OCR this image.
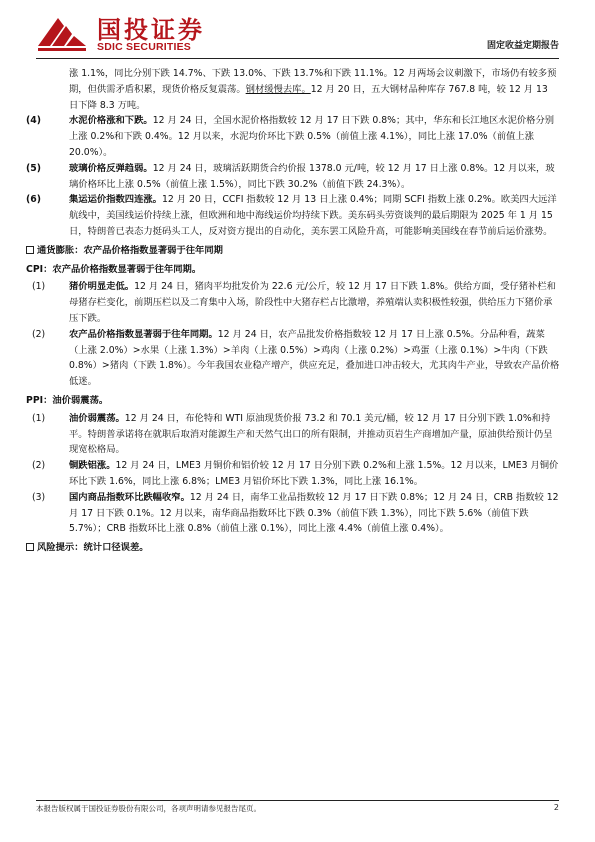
国投证券
SDIC SECURITIES	固定收益定期报告

涨 1.1%，同比分别下跌 14.7%、下跌 13.0%、下跌 13.7%和下跌 11.1%。12 月两场会议刺激下，市场仍有较多预期，但供需矛盾积累，现货价格反复震荡。钢材缓慢去库。12 月 20 日，五大钢材品种库存 767.8 吨，较 12 月 13 日下降 8.3 万吨。

(4)	水泥价格涨和下跌。12 月 24 日，全国水泥价格指数较 12 月 17 日下跌 0.8%；其中，华东和长江地区水泥价格分别上涨 0.2%和下跌 0.4%。12 月以来，水泥均价环比下跌 0.5%（前值上涨 4.1%），同比上涨 17.0%（前值上涨 20.0%）。

(5)	玻璃价格反弹趋弱。12 月 24 日，玻璃活跃期货合约价报 1378.0 元/吨，较 12 月 17 日上涨 0.8%。12 月以来，玻璃价格环比上涨 0.5%（前值上涨 1.5%），同比下跌 30.2%（前值下跌 24.3%）。

(6)	集运运价指数四连涨。12 月 20 日，CCFI 指数较 12 月 13 日上涨 0.4%；同期 SCFI 指数上涨 0.2%。欧美四大远洋航线中，美国线运价持续上涨，但欧洲和地中海线运价均持续下跌。美东码头劳资谈判的最后期限为 2025 年 1 月 15 日，特朗普已表态力挺码头工人，反对资方提出的自动化，美东罢工风险升高，可能影响美国线在春节前后运价涨势。

通货膨胀：农产品价格指数显著弱于往年同期
CPI：农产品价格指数显著弱于往年同期。

(1)	猪价明显走低。12 月 24 日，猪肉平均批发价为 22.6 元/公斤，较 12 月 17 日下跌 1.8%。供给方面，受仔猪补栏和母猪存栏变化，前期压栏以及二育集中入场，阶段性中大猪存栏占比激增，养殖端认卖积极性较强，供给压力下猪价承压下跌。

(2)	农产品价格指数显著弱于往年同期。12 月 24 日，农产品批发价格指数较 12 月 17 日上涨 0.5%。分品种看，蔬菜（上涨 2.0%）>水果（上涨 1.3%）>羊肉（上涨 0.5%）>鸡肉（上涨 0.2%）>鸡蛋（上涨 0.1%）>牛肉（下跌 0.8%）>猪肉（下跌 1.8%）。今年我国农业稳产增产，供应充足，叠加进口冲击较大，尤其肉牛产业，导致农产品价格低迷。

PPI：油价弱震荡。

(1)	油价弱震荡。12 月 24 日，布伦特和 WTI 原油现货价报 73.2 和 70.1 美元/桶，较 12 月 17 日分别下跌 1.0%和持平。特朗普承诺将在就职后取消对能源生产和天然气出口的所有限制，并推动页岩生产商增加产量，原油供给预计仍呈现宽松格局。

(2)	铜跌铝涨。12 月 24 日，LME3 月铜价和铝价较 12 月 17 日分别下跌 0.2%和上涨 1.5%。12 月以来，LME3 月铜价环比下跌 1.6%，同比上涨 6.8%；LME3 月铝价环比下跌 1.3%，同比上涨 16.1%。

(3)	国内商品指数环比跌幅收窄。12 月 24 日，南华工业品指数较 12 月 17 日下跌 0.8%；12 月 24 日，CRB 指数较 12 月 17 日下跌 0.1%。12 月以来，南华商品指数环比下跌 0.3%（前值下跌 1.3%），同比下跌 5.6%（前值下跌 5.7%）；CRB 指数环比上涨 0.8%（前值上涨 0.1%），同比上涨 4.4%（前值上涨 0.4%）。

风险提示：统计口径误差。
本报告版权属于国投证券股份有限公司，各项声明请参见报告尾页。	2
